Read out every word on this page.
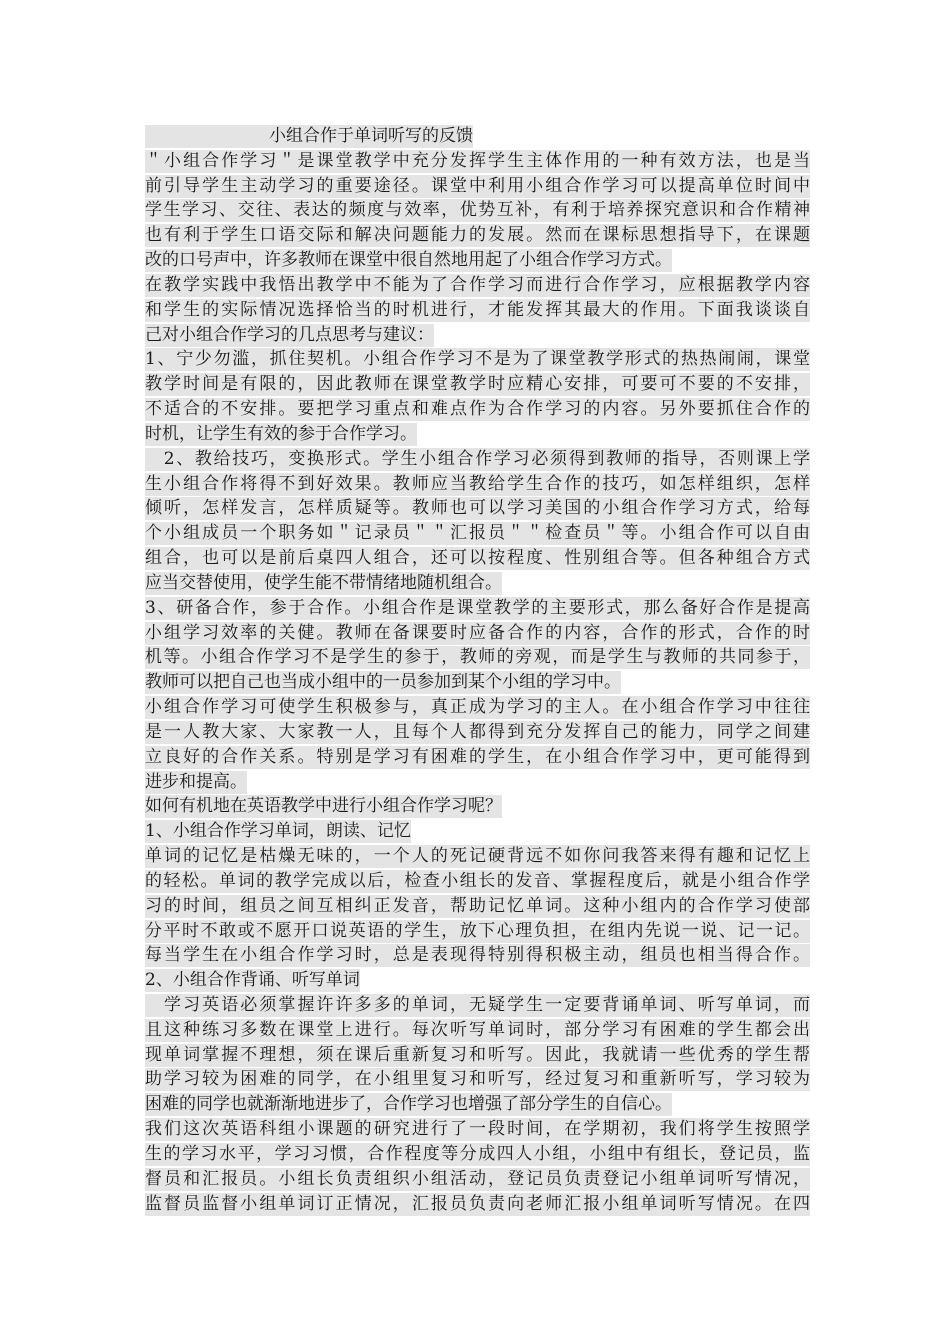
小组合作于单词听写的反馈
＂小组合作学习＂是课堂教学中充分发挥学生主体作用的一种有效方法，也是当
前引导学生主动学习的重要途径。课堂中利用小组合作学习可以提高单位时间中
学生学习、交往、表达的频度与效率，优势互补，有利于培养探究意识和合作精神
也有利于学生口语交际和解决问题能力的发展。然而在课标思想指导下，在课题
改的口号声中，许多教师在课堂中很自然地用起了小组合作学习方式。
在教学实践中我悟出教学中不能为了合作学习而进行合作学习，应根据教学内容
和学生的实际情况选择恰当的时机进行，才能发挥其最大的作用。下面我谈谈自
己对小组合作学习的几点思考与建议：
1、宁少勿滥，抓住契机。小组合作学习不是为了课堂教学形式的热热闹闹，课堂
教学时间是有限的，因此教师在课堂教学时应精心安排，可要可不要的不安排，
不适合的不安排。要把学习重点和难点作为合作学习的内容。另外要抓住合作的
时机，让学生有效的参于合作学习。
　2、教给技巧，变换形式。学生小组合作学习必须得到教师的指导，否则课上学
生小组合作将得不到好效果。教师应当教给学生合作的技巧，如怎样组织，怎样
倾听，怎样发言，怎样质疑等。教师也可以学习美国的小组合作学习方式，给每
个小组成员一个职务如＂记录员＂＂汇报员＂＂检查员＂等。小组合作可以自由
组合，也可以是前后桌四人组合，还可以按程度、性别组合等。但各种组合方式
应当交替使用，使学生能不带情绪地随机组合。
3、研备合作，参于合作。小组合作是课堂教学的主要形式，那么备好合作是提高
小组学习效率的关健。教师在备课要时应备合作的内容，合作的形式，合作的时
机等。小组合作学习不是学生的参于，教师的旁观，而是学生与教师的共同参于，
教师可以把自己也当成小组中的一员参加到某个小组的学习中。
小组合作学习可使学生积极参与，真正成为学习的主人。在小组合作学习中往往
是一人教大家、大家教一人，且每个人都得到充分发挥自己的能力，同学之间建
立良好的合作关系。特别是学习有困难的学生，在小组合作学习中，更可能得到
进步和提高。
如何有机地在英语教学中进行小组合作学习呢？
1、小组合作学习单词，朗读、记忆
单词的记忆是枯燥无味的，一个人的死记硬背远不如你问我答来得有趣和记忆上
的轻松。单词的教学完成以后，检查小组长的发音、掌握程度后，就是小组合作学
习的时间，组员之间互相纠正发音，帮助记忆单词。这种小组内的合作学习使部
分平时不敢或不愿开口说英语的学生，放下心理负担，在组内先说一说、记一记。
每当学生在小组合作学习时，总是表现得特别得积极主动，组员也相当得合作。
2、小组合作背诵、听写单词
　学习英语必须掌握许许多多的单词，无疑学生一定要背诵单词、听写单词，而
且这种练习多数在课堂上进行。每次听写单词时，部分学习有困难的学生都会出
现单词掌握不理想，须在课后重新复习和听写。因此，我就请一些优秀的学生帮
助学习较为困难的同学，在小组里复习和听写，经过复习和重新听写，学习较为
困难的同学也就渐渐地进步了，合作学习也增强了部分学生的自信心。
我们这次英语科组小课题的研究进行了一段时间，在学期初，我们将学生按照学
生的学习水平，学习习惯，合作程度等分成四人小组，小组中有组长，登记员，监
督员和汇报员。小组长负责组织小组活动，登记员负责登记小组单词听写情况，
监督员监督小组单词订正情况，汇报员负责向老师汇报小组单词听写情况。在四
